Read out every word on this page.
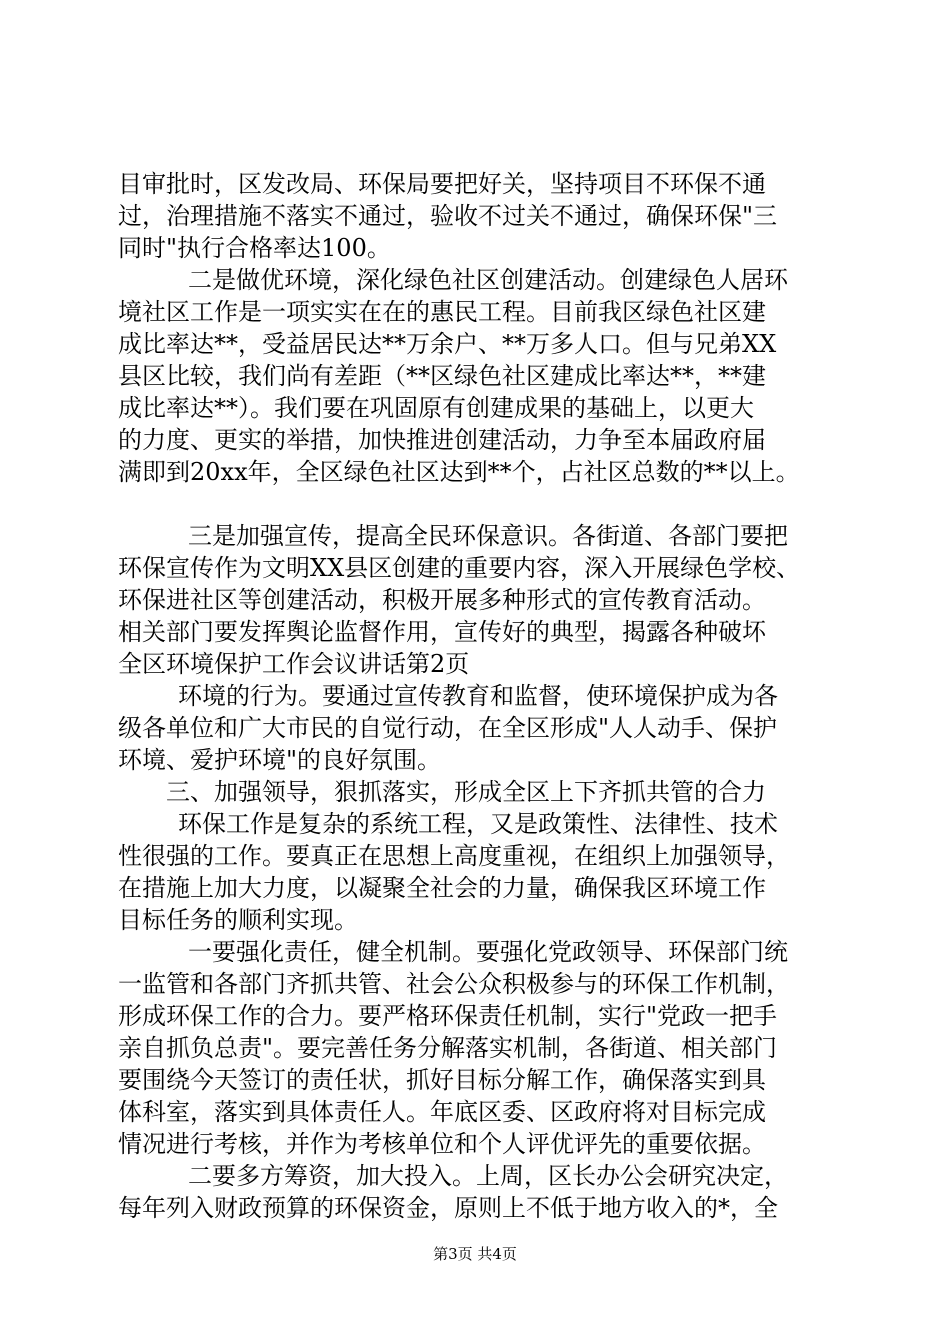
目审批时，区发改局、环保局要把好关，坚持项目不环保不通
过，治理措施不落实不通过，验收不过关不通过，确保环保"三
同时"执行合格率达100。
二是做优环境，深化绿色社区创建活动。创建绿色人居环
境社区工作是一项实实在在的惠民工程。目前我区绿色社区建
成比率达**，受益居民达**万余户、**万多人口。但与兄弟XX
县区比较，我们尚有差距（**区绿色社区建成比率达**，**建
成比率达**）。我们要在巩固原有创建成果的基础上，以更大
的力度、更实的举措，加快推进创建活动，力争至本届政府届
满即到20xx年，全区绿色社区达到**个，占社区总数的**以上。
三是加强宣传，提高全民环保意识。各街道、各部门要把
环保宣传作为文明XX县区创建的重要内容，深入开展绿色学校、
环保进社区等创建活动，积极开展多种形式的宣传教育活动。
相关部门要发挥舆论监督作用，宣传好的典型，揭露各种破坏
全区环境保护工作会议讲话第2页
环境的行为。要通过宣传教育和监督，使环境保护成为各
级各单位和广大市民的自觉行动，在全区形成"人人动手、保护
环境、爱护环境"的良好氛围。
三、加强领导，狠抓落实，形成全区上下齐抓共管的合力
环保工作是复杂的系统工程，又是政策性、法律性、技术
性很强的工作。要真正在思想上高度重视，在组织上加强领导，
在措施上加大力度，以凝聚全社会的力量，确保我区环境工作
目标任务的顺利实现。
一要强化责任，健全机制。要强化党政领导、环保部门统
一监管和各部门齐抓共管、社会公众积极参与的环保工作机制，
形成环保工作的合力。要严格环保责任机制，实行"党政一把手
亲自抓负总责"。要完善任务分解落实机制，各街道、相关部门
要围绕今天签订的责任状，抓好目标分解工作，确保落实到具
体科室，落实到具体责任人。年底区委、区政府将对目标完成
情况进行考核，并作为考核单位和个人评优评先的重要依据。
二要多方筹资，加大投入。上周，区长办公会研究决定，
每年列入财政预算的环保资金，原则上不低于地方收入的*，全
第3页 共4页
